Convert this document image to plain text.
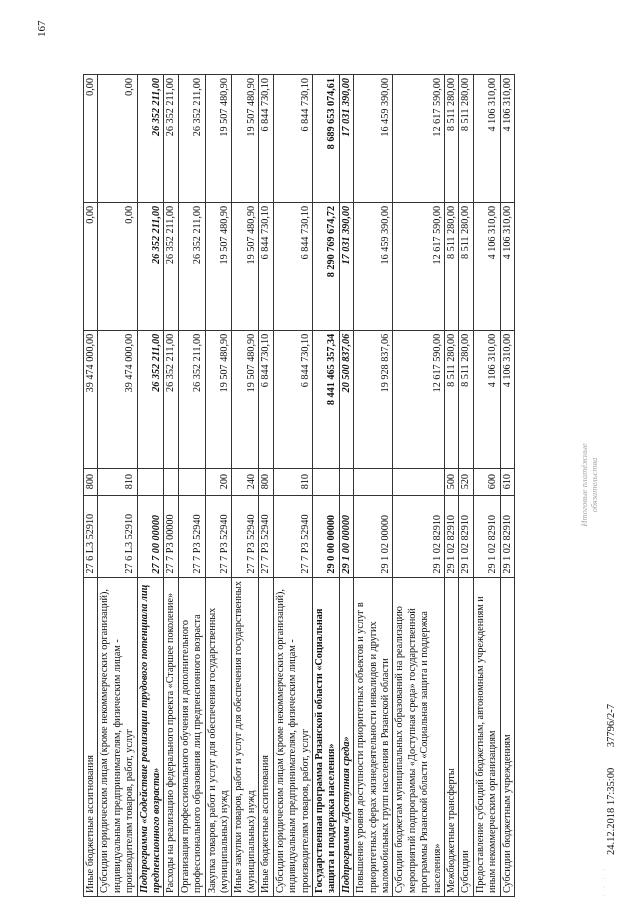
167
Иные бюджетные ассигнования	27 6 L3 52910	800	39 474 000,00	0,00	0,00
Субсидии юридическим лицам (кроме некоммерческих организаций), индивидуальным предпринимателям, физическим лицам - производителям товаров, работ, услуг	27 6 L3 52910	810	39 474 000,00	0,00	0,00
Подпрограмма «Содействие реализации трудового потенциала лиц предпенсионного возраста»	27 7 00 00000		26 352 211,00	26 352 211,00	26 352 211,00
Расходы на реализацию федерального проекта «Старшее поколение»	27 7 P3 00000		26 352 211,00	26 352 211,00	26 352 211,00
Организация профессионального обучения и дополнительного профессионального образования лиц предпенсионного возраста	27 7 P3 52940		26 352 211,00	26 352 211,00	26 352 211,00
Закупка товаров, работ и услуг для обеспечения государственных (муниципальных) нужд	27 7 P3 52940	200	19 507 480,90	19 507 480,90	19 507 480,90
Иные закупки товаров, работ и услуг для обеспечения государственных (муниципальных) нужд	27 7 P3 52940	240	19 507 480,90	19 507 480,90	19 507 480,90
Иные бюджетные ассигнования	27 7 P3 52940	800	6 844 730,10	6 844 730,10	6 844 730,10
Субсидии юридическим лицам (кроме некоммерческих организаций), индивидуальным предпринимателям, физическим лицам - производителям товаров, работ, услуг	27 7 P3 52940	810	6 844 730,10	6 844 730,10	6 844 730,10
Государственная программа Рязанской области «Социальная защита и поддержка населения»	29 0 00 00000		8 441 465 357,34	8 290 769 674,72	8 689 653 074,61
Подпрограмма «Доступная среда»	29 1 00 00000		20 500 837,06	17 031 390,00	17 031 390,00
Повышение уровня доступности приоритетных объектов и услуг в приоритетных сферах жизнедеятельности инвалидов и других маломобильных групп населения в Рязанской области	29 1 02 00000		19 928 837,06	16 459 390,00	16 459 390,00
Субсидии бюджетам муниципальных образований на реализацию мероприятий подпрограммы «Доступная среда» государственной программы Рязанской области «Социальная защита и поддержка населения»	29 1 02 82910		12 617 590,00	12 617 590,00	12 617 590,00
Межбюджетные трансферты	29 1 02 82910	500	8 511 280,00	8 511 280,00	8 511 280,00
Субсидии	29 1 02 82910	520	8 511 280,00	8 511 280,00	8 511 280,00
Предоставление субсидий бюджетным, автономным учреждениям и иным некоммерческим организациям	29 1 02 82910	600	4 106 310,00	4 106 310,00	4 106 310,00
Субсидии бюджетным учреждениям	29 1 02 82910	610	4 106 310,00	4 106 310,00	4 106 310,00
Итоговые платёжные обязательства
· · · ·
24.12.2018 17:35:00 37796/2-7
